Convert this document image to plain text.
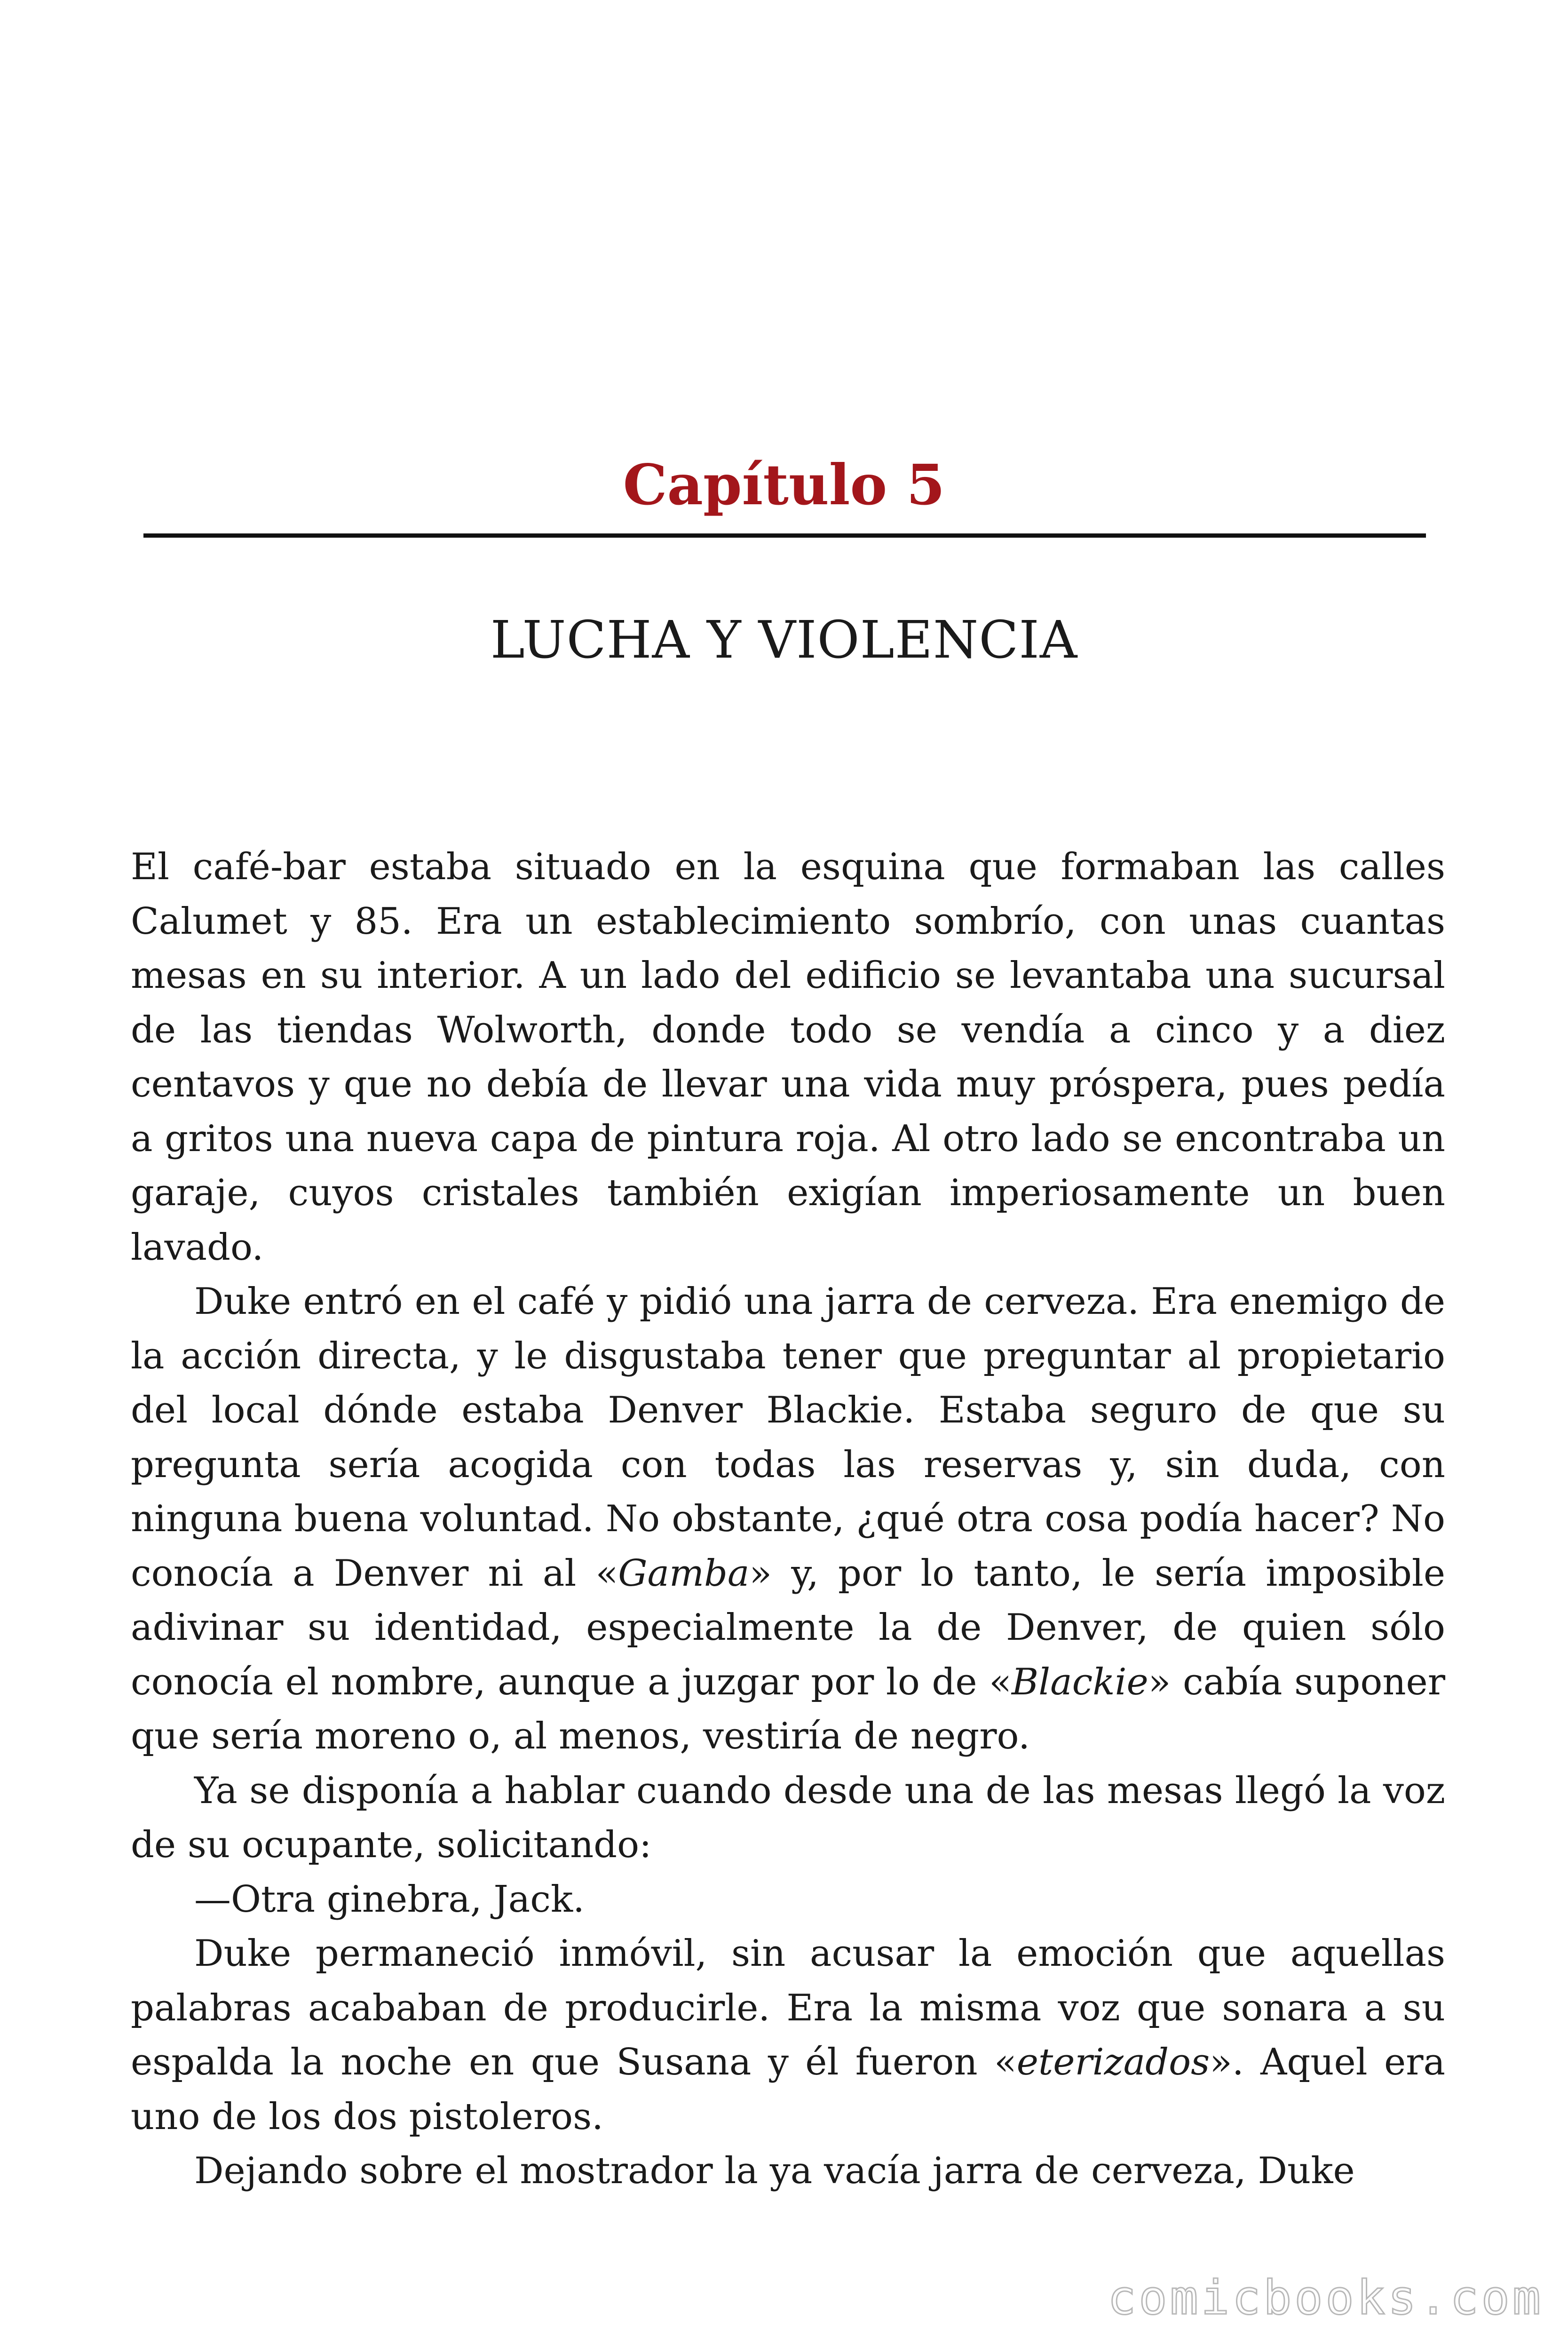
Capítulo 5
LUCHA Y VIOLENCIA

El café-bar estaba situado en la esquina que formaban las calles Calumet y 85. Era un establecimiento sombrío, con unas cuantas mesas en su interior. A un lado del edificio se levantaba una sucursal de las tiendas Wolworth, donde todo se vendía a cinco y a diez centavos y que no debía de llevar una vida muy próspera, pues pedía a gritos una nueva capa de pintura roja. Al otro lado se encontraba un garaje, cuyos cristales también exigían imperiosamente un buen lavado.

Duke entró en el café y pidió una jarra de cerveza. Era enemigo de la acción directa, y le disgustaba tener que preguntar al propietario del local dónde estaba Denver Blackie. Estaba seguro de que su pregunta sería acogida con todas las reservas y, sin duda, con ninguna buena voluntad. No obstante, ¿qué otra cosa podía hacer? No conocía a Denver ni al «Gamba» y, por lo tanto, le sería imposible adivinar su identidad, especialmente la de Denver, de quien sólo conocía el nombre, aunque a juzgar por lo de «Blackie» cabía suponer que sería moreno o, al menos, vestiría de negro.

Ya se disponía a hablar cuando desde una de las mesas llegó la voz de su ocupante, solicitando:

—Otra ginebra, Jack.

Duke permaneció inmóvil, sin acusar la emoción que aquellas palabras acababan de producirle. Era la misma voz que sonara a su espalda la noche en que Susana y él fueron «eterizados». Aquel era uno de los dos pistoleros.

Dejando sobre el mostrador la ya vacía jarra de cerveza, Duke

comicbooks.com
